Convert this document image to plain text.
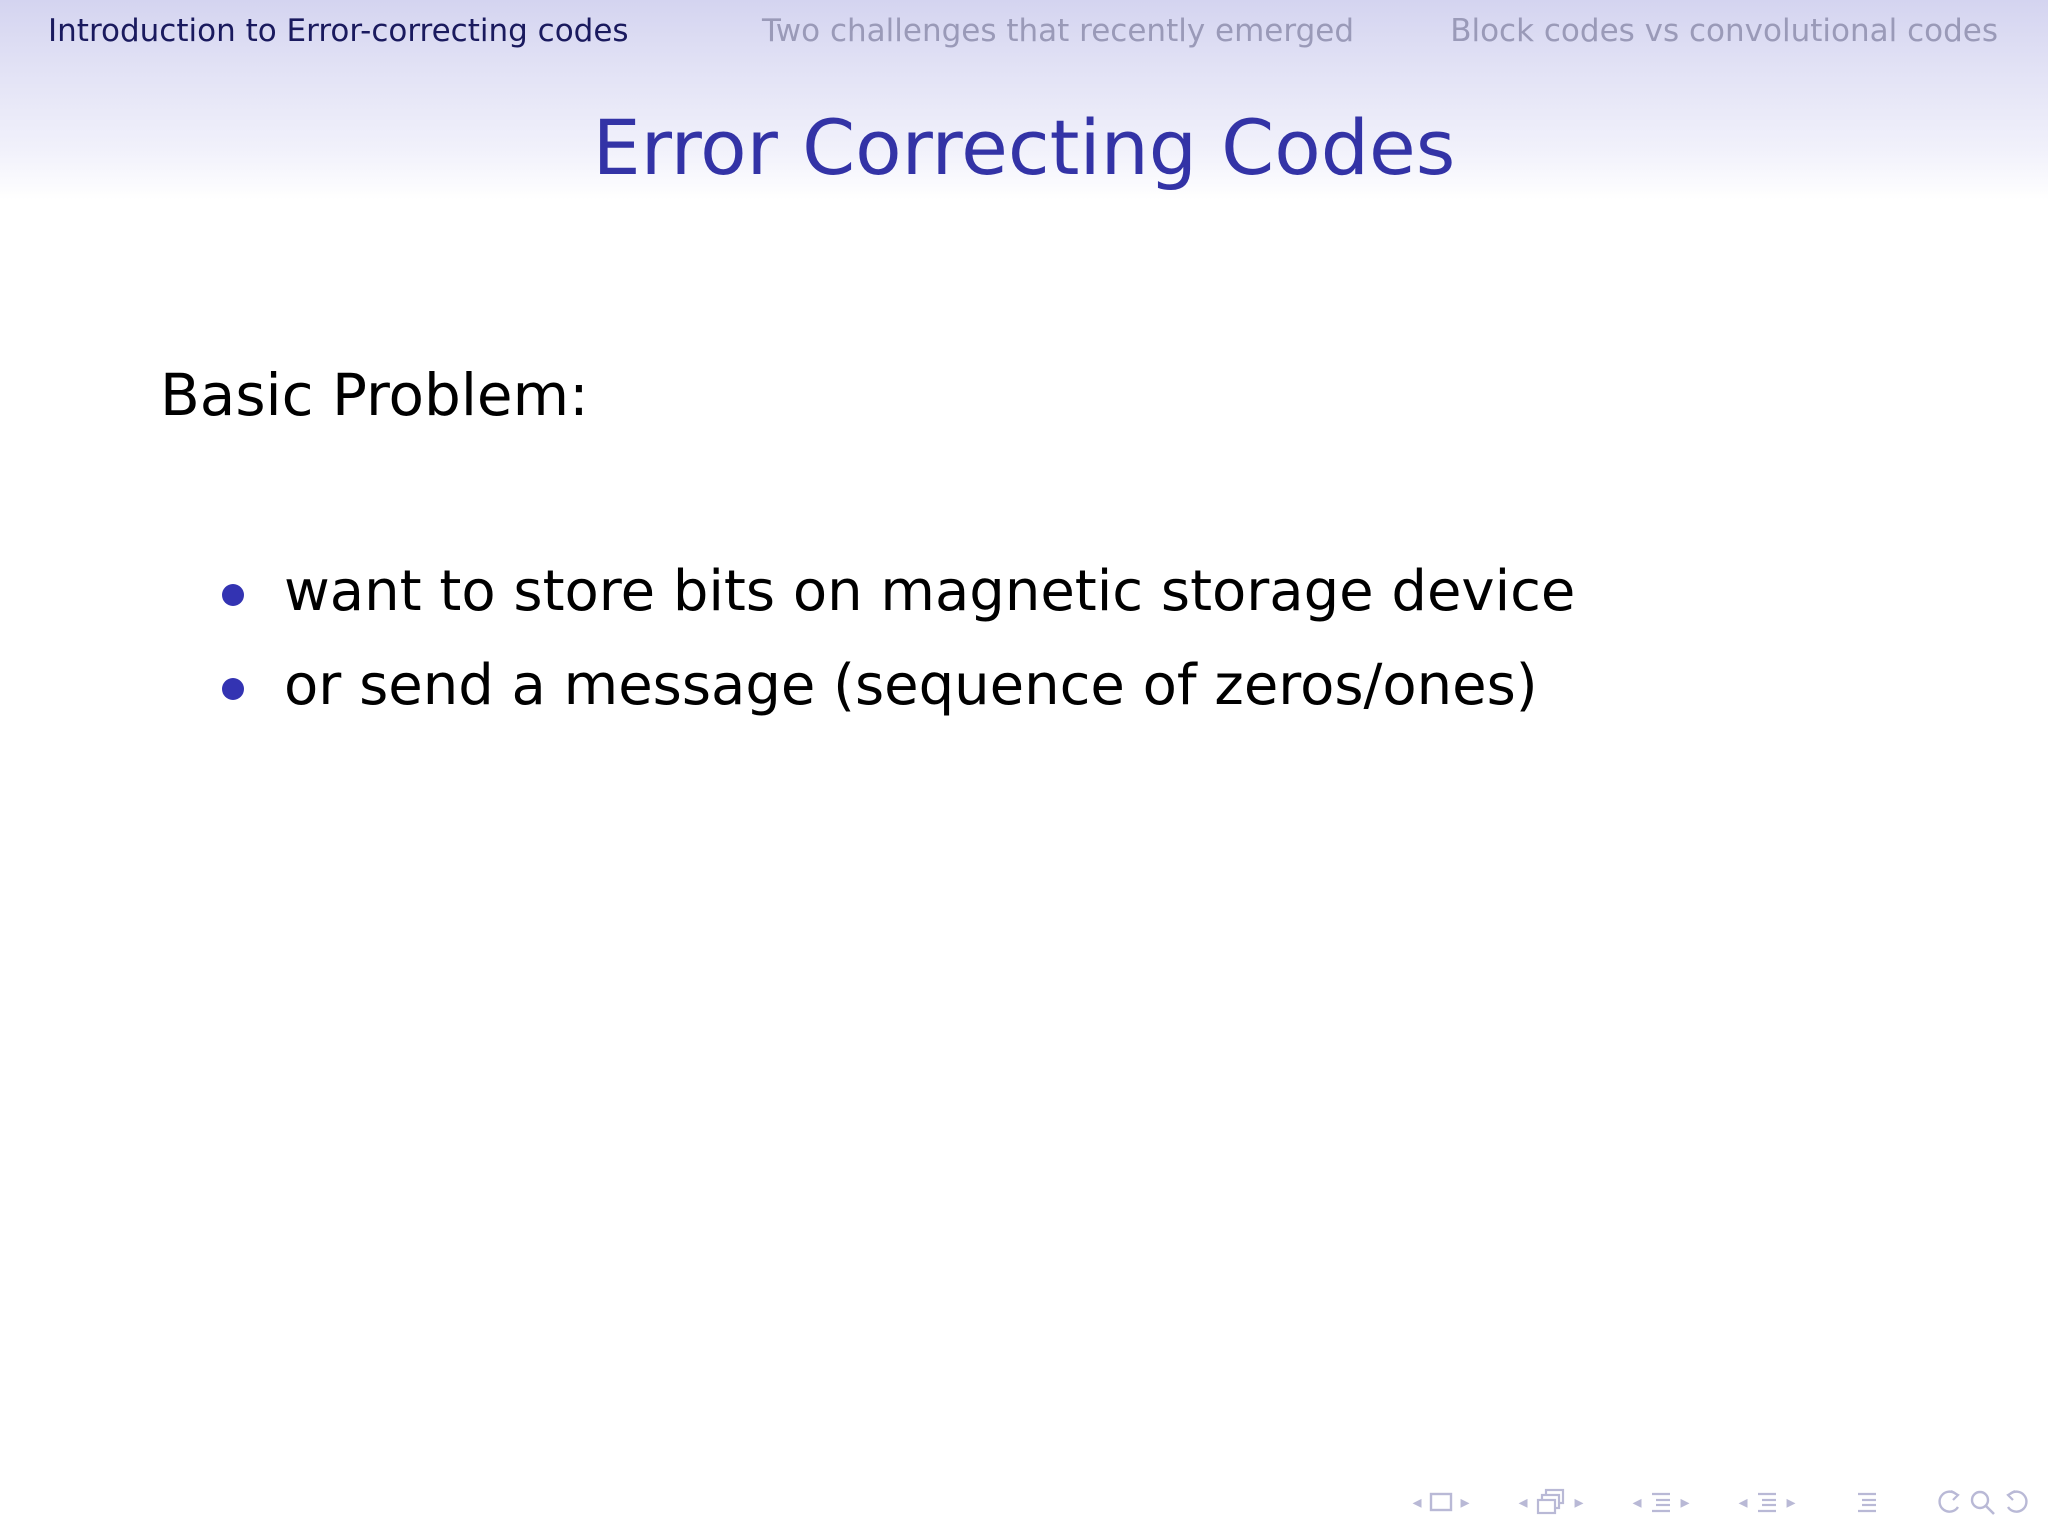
Introduction to Error-correcting codes	Two challenges that recently emerged	Block codes vs convolutional codes
Error Correcting Codes
Basic Problem:
want to store bits on magnetic storage device
or send a message (sequence of zeros/ones)
◂	▸	◂	▸	◂	▸	◂	▸
